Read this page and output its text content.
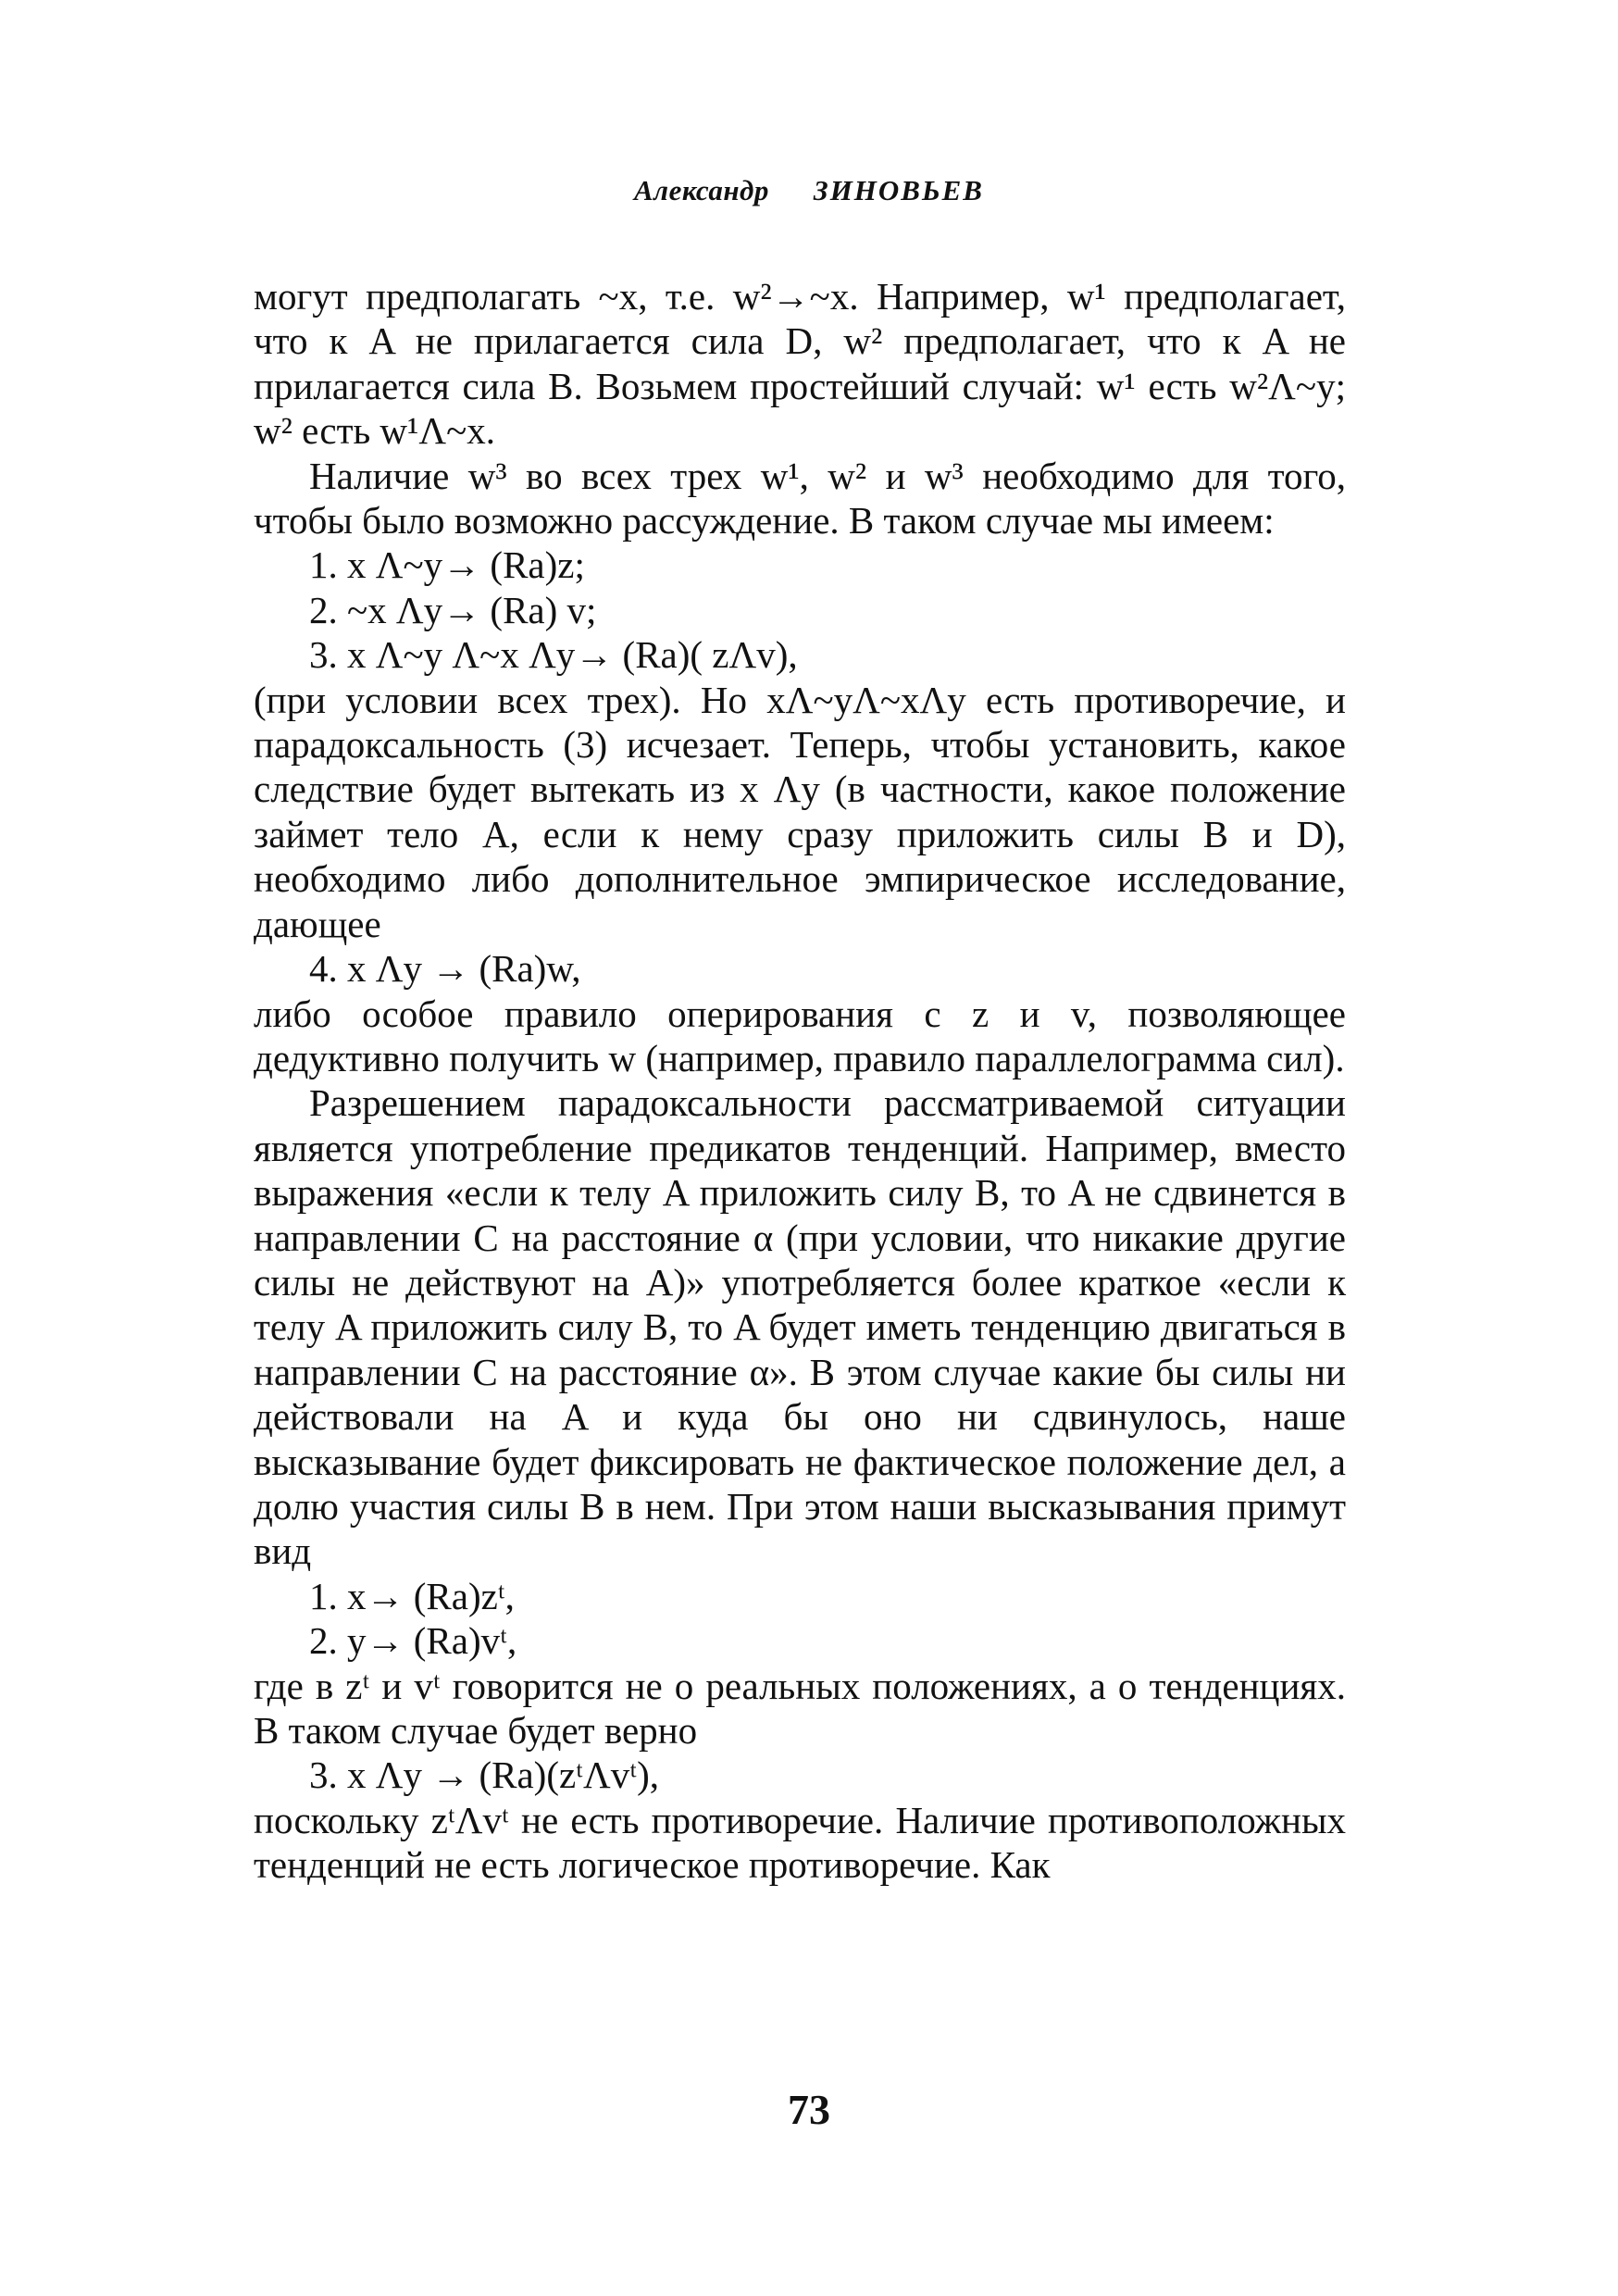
Александр ЗИНОВЬЕВ

могут предполагать ~x, т.е. w²→~x. Например, w¹ предполагает, что к A не прилагается сила D, w² предполагает, что к A не прилагается сила B. Возьмем простейший случай: w¹ есть w²Λ~y; w² есть w¹Λ~x.

Наличие w³ во всех трех w¹, w² и w³ необходимо для того, чтобы было возможно рассуждение. В таком случае мы имеем:

1. x Λ~y→ (Ra)z;

2. ~x Λy→ (Ra) v;

3. x Λ~y Λ~x Λy→ (Ra)( zΛv),

(при условии всех трех). Но xΛ~yΛ~xΛy есть противоречие, и парадоксальность (3) исчезает. Теперь, чтобы установить, какое следствие будет вытекать из x Λy (в частности, какое положение займет тело A, если к нему сразу приложить силы B и D), необходимо либо дополнительное эмпирическое исследование, дающее

4. x Λy → (Ra)w,

либо особое правило оперирования с z и v, позволяющее дедуктивно получить w (например, правило параллелограмма сил).

Разрешением парадоксальности рассматриваемой ситуации является употребление предикатов тенденций. Например, вместо выражения «если к телу A приложить силу B, то A не сдвинется в направлении C на расстояние α (при условии, что никакие другие силы не действуют на A)» употребляется более краткое «если к телу A приложить силу B, то A будет иметь тенденцию двигаться в направлении C на расстояние α». В этом случае какие бы силы ни действовали на A и куда бы оно ни сдвинулось, наше высказывание будет фиксировать не фактическое положение дел, а долю участия силы B в нем. При этом наши высказывания примут вид

1. x→ (Ra)zᵗ,

2. y→ (Ra)vᵗ,

где в zᵗ и vᵗ говорится не о реальных положениях, а о тенденциях. В таком случае будет верно

3. x Λy → (Ra)(zᵗΛvᵗ),

поскольку zᵗΛvᵗ не есть противоречие. Наличие противоположных тенденций не есть логическое противоречие. Как

73
